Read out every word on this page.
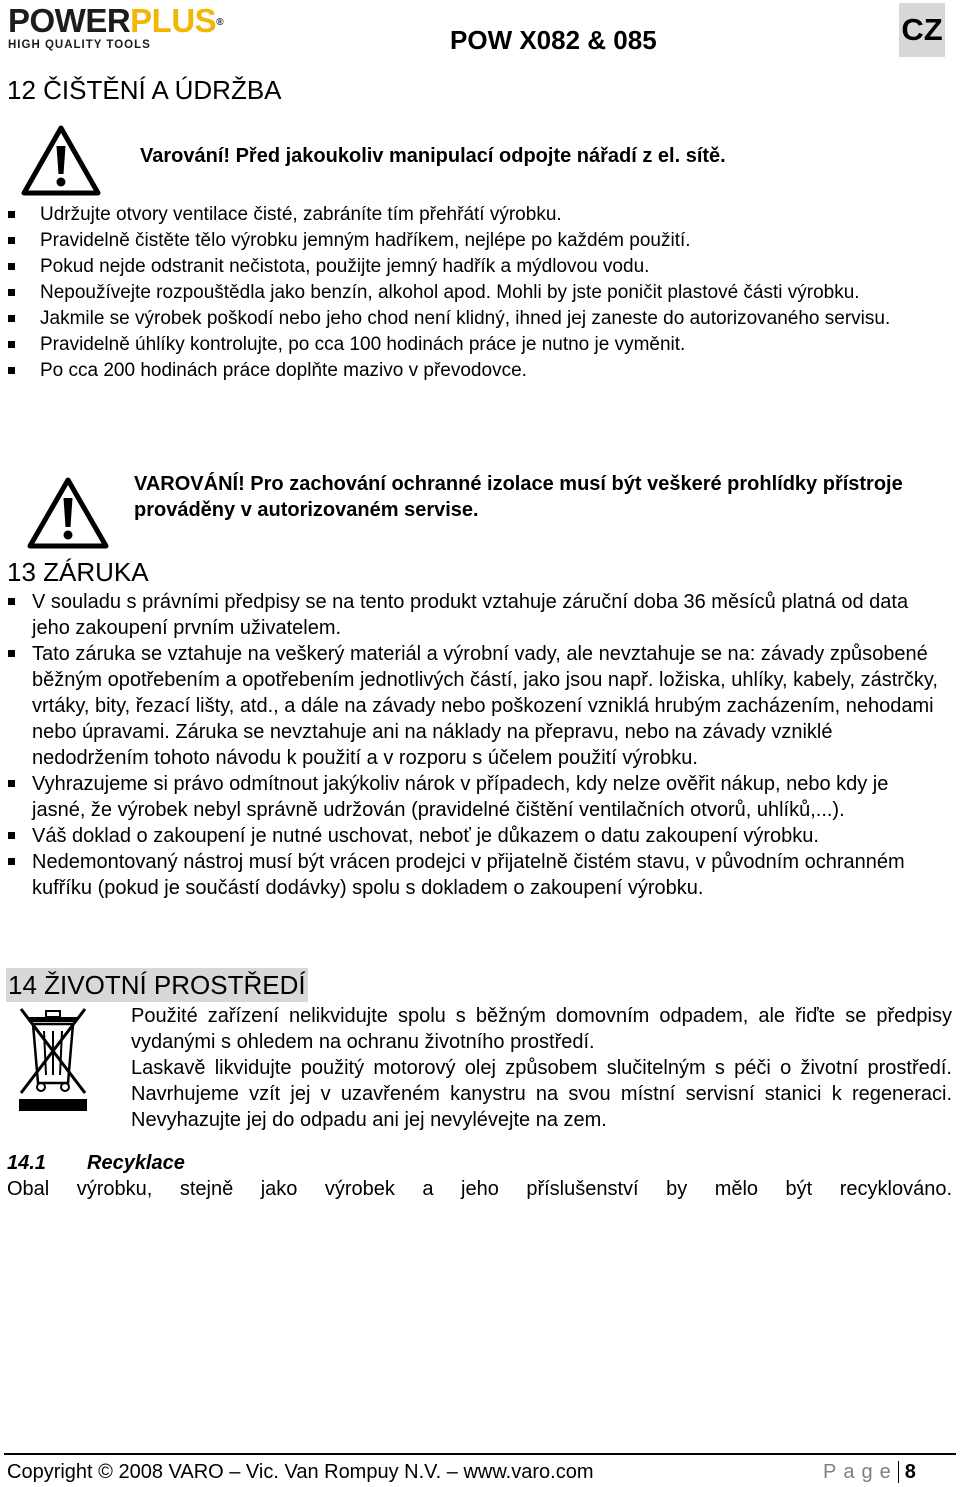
POWERPLUS®
HIGH QUALITY TOOLS	POW X082 & 085	CZ
12 ČIŠTĚNÍ A ÚDRŽBA
Varování! Před jakoukoliv manipulací odpojte nářadí z el. sítě.
Udržujte otvory ventilace čisté, zabráníte tím přehřátí výrobku.
Pravidelně čistěte tělo výrobku jemným hadříkem, nejlépe po každém použití.
Pokud nejde odstranit nečistota, použijte jemný hadřík a mýdlovou vodu.
Nepoužívejte rozpouštědla jako benzín, alkohol apod. Mohli by jste poničit plastové části výrobku.
Jakmile se výrobek poškodí nebo jeho chod není klidný, ihned jej zaneste do autorizovaného servisu.
Pravidelně úhlíky kontrolujte, po cca 100 hodinách práce je nutno je vyměnit.
Po cca 200 hodinách práce doplňte mazivo v převodovce.
VAROVÁNÍ! Pro zachování ochranné izolace musí být veškeré prohlídky přístroje prováděny v autorizovaném servise.
13 ZÁRUKA
V souladu s právními předpisy se na tento produkt vztahuje záruční doba 36 měsíců platná od data jeho zakoupení prvním uživatelem.
Tato záruka se vztahuje na veškerý materiál a výrobní vady, ale nevztahuje se na: závady způsobené běžným opotřebením a opotřebením jednotlivých částí, jako jsou např. ložiska, uhlíky, kabely, zástrčky, vrtáky, bity, řezací lišty, atd., a dále na závady nebo poškození vzniklá hrubým zacházením, nehodami nebo úpravami. Záruka se nevztahuje ani na náklady na přepravu, nebo na závady vzniklé nedodržením tohoto návodu k použití a v rozporu s účelem použití výrobku.
Vyhrazujeme si právo odmítnout jakýkoliv nárok v případech, kdy nelze ověřit nákup, nebo kdy je jasné, že výrobek nebyl správně udržován (pravidelné čištění ventilačních otvorů, uhlíků,...).
Váš doklad o zakoupení je nutné uschovat, neboť je důkazem o datu zakoupení výrobku.
Nedemontovaný nástroj musí být vrácen prodejci v přijatelně čistém stavu, v původním ochranném kufříku (pokud je součástí dodávky) spolu s dokladem o zakoupení výrobku.
14 ŽIVOTNÍ PROSTŘEDÍ

Použité zařízení nelikvidujte spolu s běžným domovním odpadem, ale řiďte se předpisy vydanými s ohledem na ochranu životního prostředí.

Laskavě likvidujte použitý motorový olej způsobem slučitelným s péči o životní prostředí. Navrhujeme vzít jej v uzavřeném kanystru na svou místní servisní stanici k regeneraci. Nevyhazujte jej do odpadu ani jej nevylévejte na zem.

14.1 Recyklace
Obal výrobku, stejně jako výrobek a jeho příslušenství by mělo být recyklováno.
Copyright © 2008 VARO – Vic. Van Rompuy N.V. – www.varo.com	Page 8
